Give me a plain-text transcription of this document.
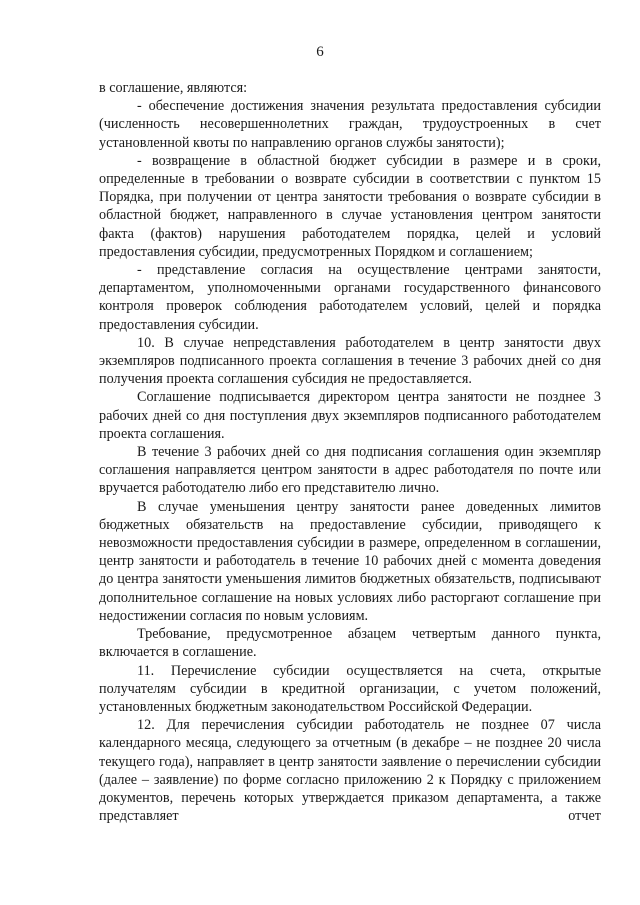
6

в соглашение, являются:

- обеспечение достижения значения результата предоставления субсидии (численность несовершеннолетних граждан, трудоустроенных в счет установленной квоты по направлению органов службы занятости);

- возвращение в областной бюджет субсидии в размере и в сроки, определенные в требовании о возврате субсидии в соответствии с пунктом 15 Порядка, при получении от центра занятости требования о возврате субсидии в областной бюджет, направленного в случае установления центром занятости факта (фактов) нарушения работодателем порядка, целей и условий предоставления субсидии, предусмотренных Порядком и соглашением;

- представление согласия на осуществление центрами занятости, департаментом, уполномоченными органами государственного финансового контроля проверок соблюдения работодателем условий, целей и порядка предоставления субсидии.

10. В случае непредставления работодателем в центр занятости двух экземпляров подписанного проекта соглашения в течение 3 рабочих дней со дня получения проекта соглашения субсидия не предоставляется.

Соглашение подписывается директором центра занятости не позднее 3 рабочих дней со дня поступления двух экземпляров подписанного работодателем проекта соглашения.

В течение 3 рабочих дней со дня подписания соглашения один экземпляр соглашения направляется центром занятости в адрес работодателя по почте или вручается работодателю либо его представителю лично.

В случае уменьшения центру занятости ранее доведенных лимитов бюджетных обязательств на предоставление субсидии, приводящего к невозможности предоставления субсидии в размере, определенном в соглашении, центр занятости и работодатель в течение 10 рабочих дней с момента доведения до центра занятости уменьшения лимитов бюджетных обязательств, подписывают дополнительное соглашение на новых условиях либо расторгают соглашение при недостижении согласия по новым условиям.

Требование, предусмотренное абзацем четвертым данного пункта, включается в соглашение.

11. Перечисление субсидии осуществляется на счета, открытые получателям субсидии в кредитной организации, с учетом положений, установленных бюджетным законодательством Российской Федерации.

12. Для перечисления субсидии работодатель не позднее 07 числа календарного месяца, следующего за отчетным (в декабре – не позднее 20 числа текущего года), направляет в центр занятости заявление о перечислении субсидии (далее – заявление) по форме согласно приложению 2 к Порядку с приложением документов, перечень которых утверждается приказом департамента, а также представляет отчет
